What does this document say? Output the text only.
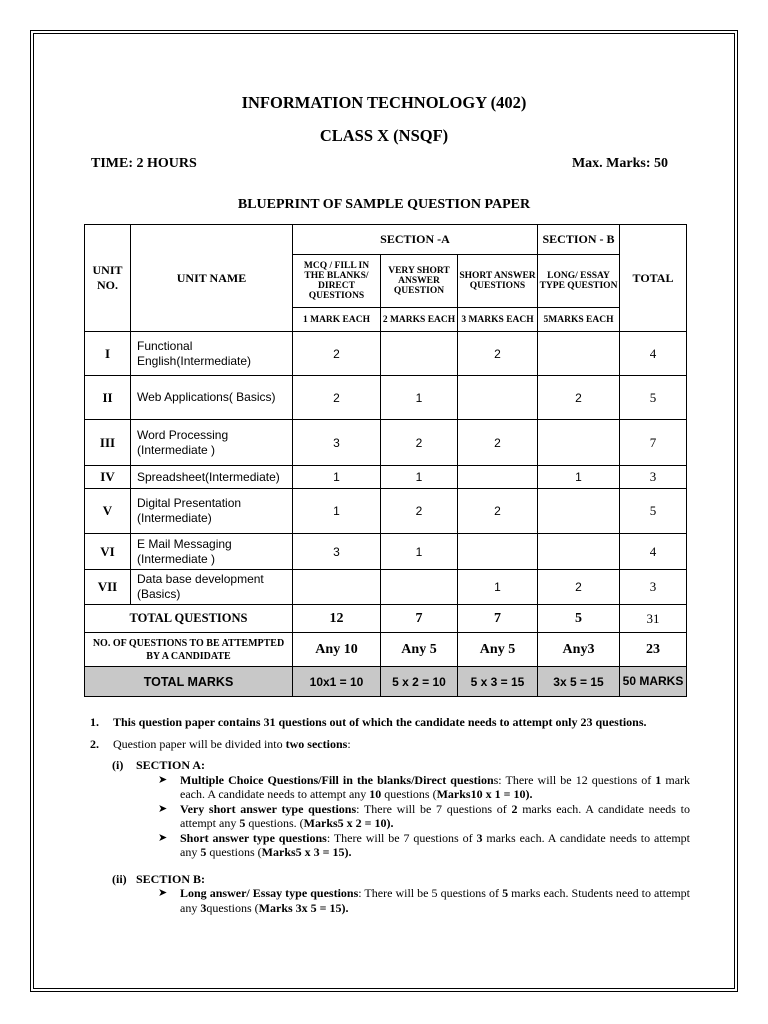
INFORMATION TECHNOLOGY (402)
CLASS X (NSQF)
TIME: 2 HOURS	Max. Marks: 50
BLUEPRINT OF SAMPLE QUESTION PAPER
UNIT NO.	UNIT NAME	SECTION -A			SECTION - B	TOTAL
		MCQ / FILL IN THE BLANKS/ DIRECT QUESTIONS	VERY SHORT ANSWER QUESTION	SHORT ANSWER QUESTIONS	LONG/ ESSAY TYPE QUESTION	
		1 MARK EACH	2 MARKS EACH	3 MARKS EACH	5MARKS EACH	
I	Functional English(Intermediate)	2		2		4
II	Web Applications( Basics)	2	1		2	5
III	Word Processing (Intermediate )	3	2	2		7
IV	Spreadsheet(Intermediate)	1	1		1	3
V	Digital Presentation (Intermediate)	1	2	2		5
VI	E Mail Messaging (Intermediate )	3	1			4
VII	Data base development (Basics)			1	2	3
TOTAL QUESTIONS		12	7	7	5	31
NO. OF QUESTIONS TO BE ATTEMPTED BY A CANDIDATE		Any 10	Any 5	Any 5	Any3	23
TOTAL MARKS		10x1 = 10	5 x 2 = 10	5 x 3 = 15	3x 5 = 15	50 MARKS
1.	This question paper contains 31 questions out of which the candidate needs to attempt only 23 questions.
2.	Question paper will be divided into two sections:
(i) SECTION A:
➤	Multiple Choice Questions/Fill in the blanks/Direct questions: There will be 12 questions of 1 mark each. A candidate needs to attempt any 10 questions (Marks10 x 1 = 10).
➤	Very short answer type questions: There will be 7 questions of 2 marks each. A candidate needs to attempt any 5 questions. (Marks5 x 2 = 10).
➤	Short answer type questions: There will be 7 questions of 3 marks each. A candidate needs to attempt any 5 questions (Marks5 x 3 = 15).
(ii) SECTION B:
➤	Long answer/ Essay type questions: There will be 5 questions of 5 marks each. Students need to attempt any 3questions (Marks 3x 5 = 15).
